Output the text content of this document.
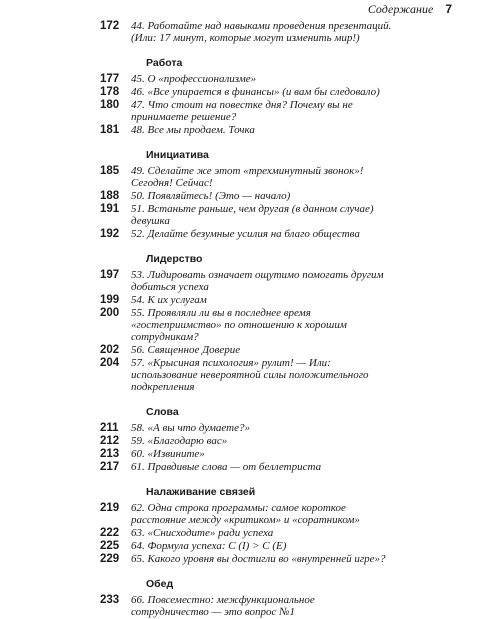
Содержание 7
172	44. Работайте над навыками проведения презентаций. (Или: 17 минут, которые могут изменить мир!)
Работа
177	45. О «профессионализме»
178	46. «Все упирается в финансы» (и вам бы следовало)
180	47. Что стоит на повестке дня? Почему вы не принимаете решение?
181	48. Все мы продаем. Точка
Инициатива
185	49. Сделайте же этот «трехминутный звонок»! Сегодня! Сейчас!
188	50. Появляйтесь! (Это — начало)
191	51. Встаньте раньше, чем другая (в данном случае) девушка
192	52. Делайте безумные усилия на благо общества
Лидерство
197	53. Лидировать означает ощутимо помогать другим добиться успеха
199	54. К их услугам
200	55. Проявляли ли вы в последнее время «гостеприимство» по отношению к хорошим сотрудникам?
202	56. Священное Доверие
204	57. «Крысиная психология» рулит! — Или: использование невероятной силы положительного подкрепления
Слова
211	58. «А вы что думаете?»
212	59. «Благодарю вас»
213	60. «Извините»
217	61. Правдивые слова — от беллетриста
Налаживание связей
219	62. Одна строка программы: самое короткое расстояние между «критиком» и «соратником»
222	63. «Снисходите» ради успеха
225	64. Формула успеха: С (I) > С (Е)
229	65. Какого уровня вы достигли во «внутренней игре»?
Обед
233	66. Повсеместно: межфункциональное сотрудничество — это вопрос №1
